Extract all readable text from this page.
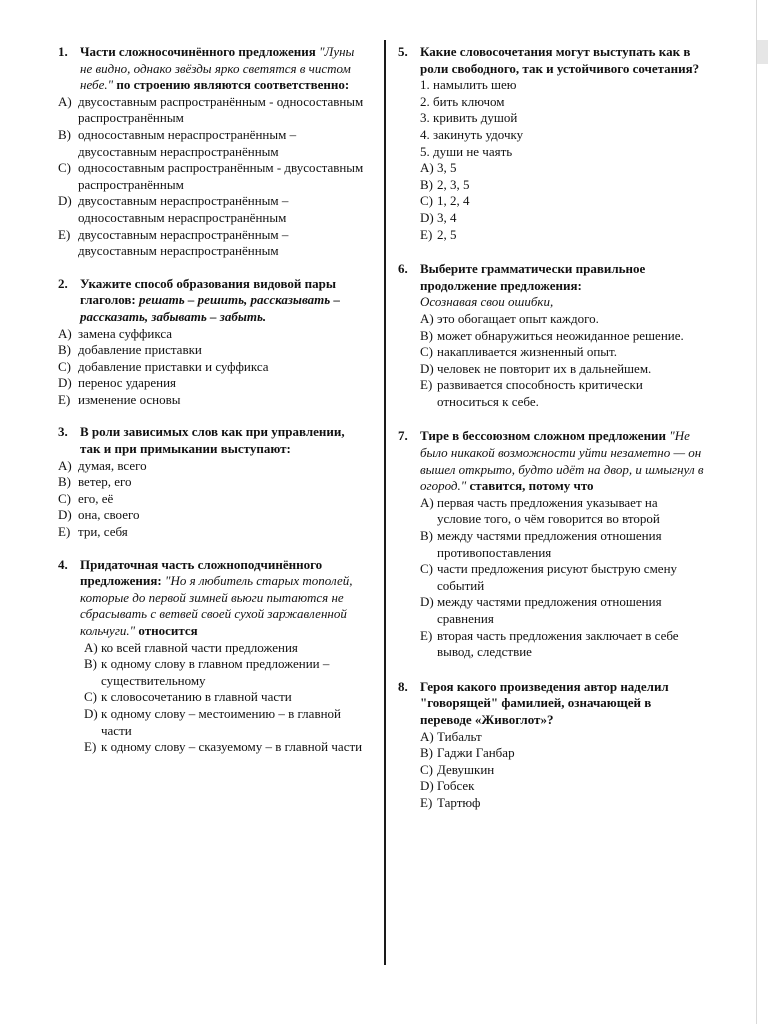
1. Части сложносочинённого предложения "Луны не видно, однако звёзды ярко светятся в чистом небе." по строению являются соответственно:
A) двусоставным распространённым - односоставным распространённым
B) односоставным нераспространённым – двусоставным нераспространённым
C) односоставным распространённым - двусоставным распространённым
D) двусоставным нераспространённым – односоставным нераспространённым
E) двусоставным нераспространённым – двусоставным нераспространённым
2. Укажите способ образования видовой пары глаголов: решать – решить, рассказывать – рассказать, забывать – забыть.
A) замена суффикса
B) добавление приставки
C) добавление приставки и суффикса
D) перенос ударения
E) изменение основы
3. В роли зависимых слов как при управлении, так и при примыкании выступают:
A) думая, всего
B) ветер, его
C) его, её
D) она, своего
E) три, себя
4. Придаточная часть сложноподчинённого предложения: "Но я любитель старых тополей, которые до первой зимней вьюги пытаются не сбрасывать с ветвей своей сухой заржавленной кольчуги." относится
A) ко всей главной части предложения
B) к одному слову в главном предложении – существительному
C) к словосочетанию в главной части
D) к одному слову – местоимению – в главной части
E) к одному слову – сказуемому – в главной части
5. Какие словосочетания могут выступать как в роли свободного, так и устойчивого сочетания?
1. намылить шею
2. бить ключом
3. кривить душой
4. закинуть удочку
5. души не чаять
A) 3, 5
B) 2, 3, 5
C) 1, 2, 4
D) 3, 4
E) 2, 5
6. Выберите грамматически правильное продолжение предложения:
Осознавая свои ошибки,
A) это обогащает опыт каждого.
B) может обнаружиться неожиданное решение.
C) накапливается жизненный опыт.
D) человек не повторит их в дальнейшем.
E) развивается способность критически относиться к себе.
7. Тире в бессоюзном сложном предложении "Не было никакой возможности уйти незаметно — он вышел открыто, будто идёт на двор, и шмыгнул в огород." ставится, потому что
A) первая часть предложения указывает на условие того, о чём говорится во второй
B) между частями предложения отношения противопоставления
C) части предложения рисуют быструю смену событий
D) между частями предложения отношения сравнения
E) вторая часть предложения заключает в себе вывод, следствие
8. Героя какого произведения автор наделил "говорящей" фамилией, означающей в переводе «Живоглот»?
A) Тибальт
B) Гаджи Ганбар
C) Девушкин
D) Гобсек
E) Тартюф
